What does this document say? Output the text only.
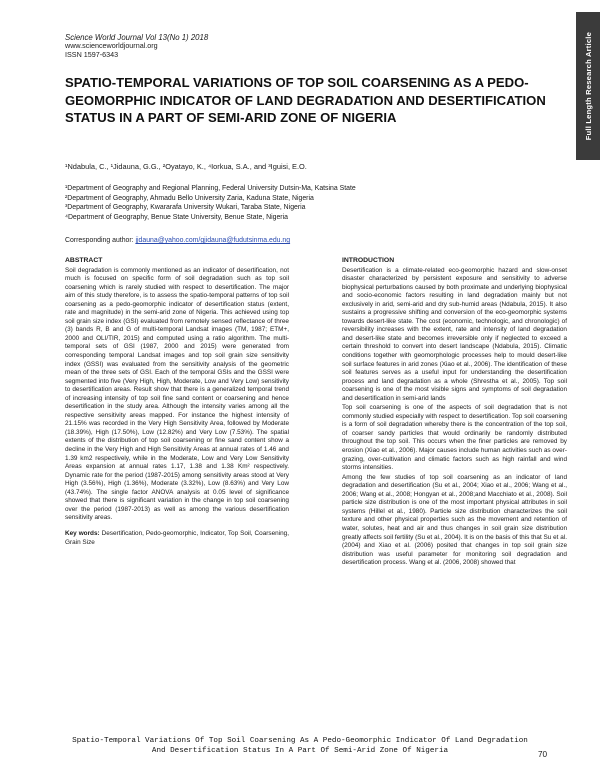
Full Length Research Article
Science World Journal Vol 13(No 1) 2018
www.scienceworldjournal.org
ISSN 1597-6343
SPATIO-TEMPORAL VARIATIONS OF TOP SOIL COARSENING AS A PEDO-GEOMORPHIC INDICATOR OF LAND DEGRADATION AND DESERTIFICATION STATUS IN A PART OF SEMI-ARID ZONE OF NIGERIA
¹Ndabula, C., ¹Jidauna, G.G., ²Oyatayo, K., ⁴Iorkua, S.A., and ³Iguisi, E.O.
¹Department of Geography and Regional Planning, Federal University Dutsin-Ma, Katsina State
²Department of Geography, Ahmadu Bello University Zaria, Kaduna State, Nigeria
³Department of Geography, Kwararafa University Wukari, Taraba State, Nigeria
⁴Department of Geography, Benue State University, Benue State, Nigeria
Corresponding author: jjdauna@yahoo.com/gjidauna@fudutsinma.edu.ng
ABSTRACT

Soil degradation is commonly mentioned as an indicator of desertification, not much is focused on specific form of soil degradation such as top soil coarsening which is rarely studied with respect to desertification. The major aim of this study therefore, is to assess the spatio-temporal patterns of top soil coarsening as a pedo-geomorphic indicator of desertification status (extent, rate and magnitude) in the semi-arid zone of Nigeria. This achieved using top soil grain size index (GSI) evaluated from remotely sensed reflectance of three (3) bands R, B and G of multi-temporal Landsat images (TM, 1987; ETM+, 2000 and OLI/TIR, 2015) and computed using a ratio algorithm. The multi-temporal sets of GSI (1987, 2000 and 2015) were generated from corresponding temporal Landsat images and top soil grain size sensitivity index (GSSI) was evaluated from the sensitivity analysis of the geometric mean of the three sets of GSI. Each of the temporal GSIs and the GSSI were segmented into five (Very High, High, Moderate, Low and Very Low) sensitivity to desertification areas. Result show that there is a generalized temporal trend of increasing intensity of top soil fine sand content or coarsening and hence desertification in the study area. Although the intensity varies among all the respective sensitivity areas mapped. For instance the highest intensity of 21.15% was recorded in the Very High Sensitivity Area, followed by Moderate (18.39%), High (17.50%), Low (12.82%) and Very Low (7.53%). The spatial extents of the distribution of top soil coarsening or fine sand content show a decline in the Very High and High Sensitivity Areas at annual rates of 1.46 and 1.39 km2 respectively, while in the Moderate, Low and Very Low Sensitivity Areas expansion at annual rates 1.17, 1.38 and 1.38 Km² respectively. Dynamic rate for the period (1987-2015) among sensitivity areas stood at Very High (3.56%), High (1.36%), Moderate (3.32%), Low (8.63%) and Very Low (43.74%). The single factor ANOVA analysis at 0.05 level of significance showed that there is significant variation in the change in top soil coarsening over the period (1987-2013) as well as among the various desertification sensitivity areas.

Key words: Desertification, Pedo-geomorphic, Indicator, Top Soil, Coarsening, Grain Size

INTRODUCTION

Desertification is a climate-related eco-geomorphic hazard and slow-onset disaster characterized by persistent exposure and sensitivity to adverse biophysical perturbations caused by both proximate and underlying biophysical and socio-economic factors resulting in land degradation mainly but not exclusively in arid, semi-arid and dry sub-humid areas (Ndabula, 2015). It also sustains a progressive shifting and conversion of the eco-geomorphic systems towards desert-like state. The cost (economic, technologic, and chronologic) of reversibility increases with the extent, rate and intensity of land degradation and desert-like state and becomes irreversible only if neglected to exceed a certain threshold to convert into desert landscape (Ndabula, 2015). Climatic conditions together with geomorphologic processes help to mould desert-like soil surface features in arid zones (Xiao et al., 2006). The identification of these soil features serves as a useful input for understanding the desertification process and land degradation as a whole (Shrestha et al., 2005). Top soil coarsening is one of the most visible signs and symptoms of soil degradation and desertification in semi-arid lands

Top soil coarsening is one of the aspects of soil degradation that is not commonly studied especially with respect to desertification. Top soil coarsening is a form of soil degradation whereby there is the concentration of the top soil, of coarser sandy particles that would ordinarily be randomly distributed throughout the top soil. This occurs when the finer particles are removed by erosion (Xiao et al., 2006). Major causes include human activities such as over-grazing, over-cultivation and climatic factors such as high rainfall and wind storms intensities.

Among the few studies of top soil coarsening as an indicator of land degradation and desertification (Su et al., 2004; Xiao et al., 2006; Wang et al., 2006; Wang et al., 2008; Hongyan et al., 2008;and Macchiato et al., 2008). Soil particle size distribution is one of the most important physical attributes in soil systems (Hillel et al., 1980). Particle size distribution characterizes the soil texture and other physical properties such as the movement and retention of water, solutes, heat and air and thus changes in soil grain size distribution greatly affects soil fertility (Su et al., 2004). It is on the basis of this that Su et al. (2004) and Xiao et al. (2006) posited that changes in top soil grain size distribution was useful parameter for monitoring soil degradation and desertification process. Wang et al. (2006, 2008) showed that

Spatio-Temporal Variations Of Top Soil Coarsening As A Pedo-Geomorphic Indicator Of Land Degradation And Desertification Status In A Part Of Semi-Arid Zone Of Nigeria	70
